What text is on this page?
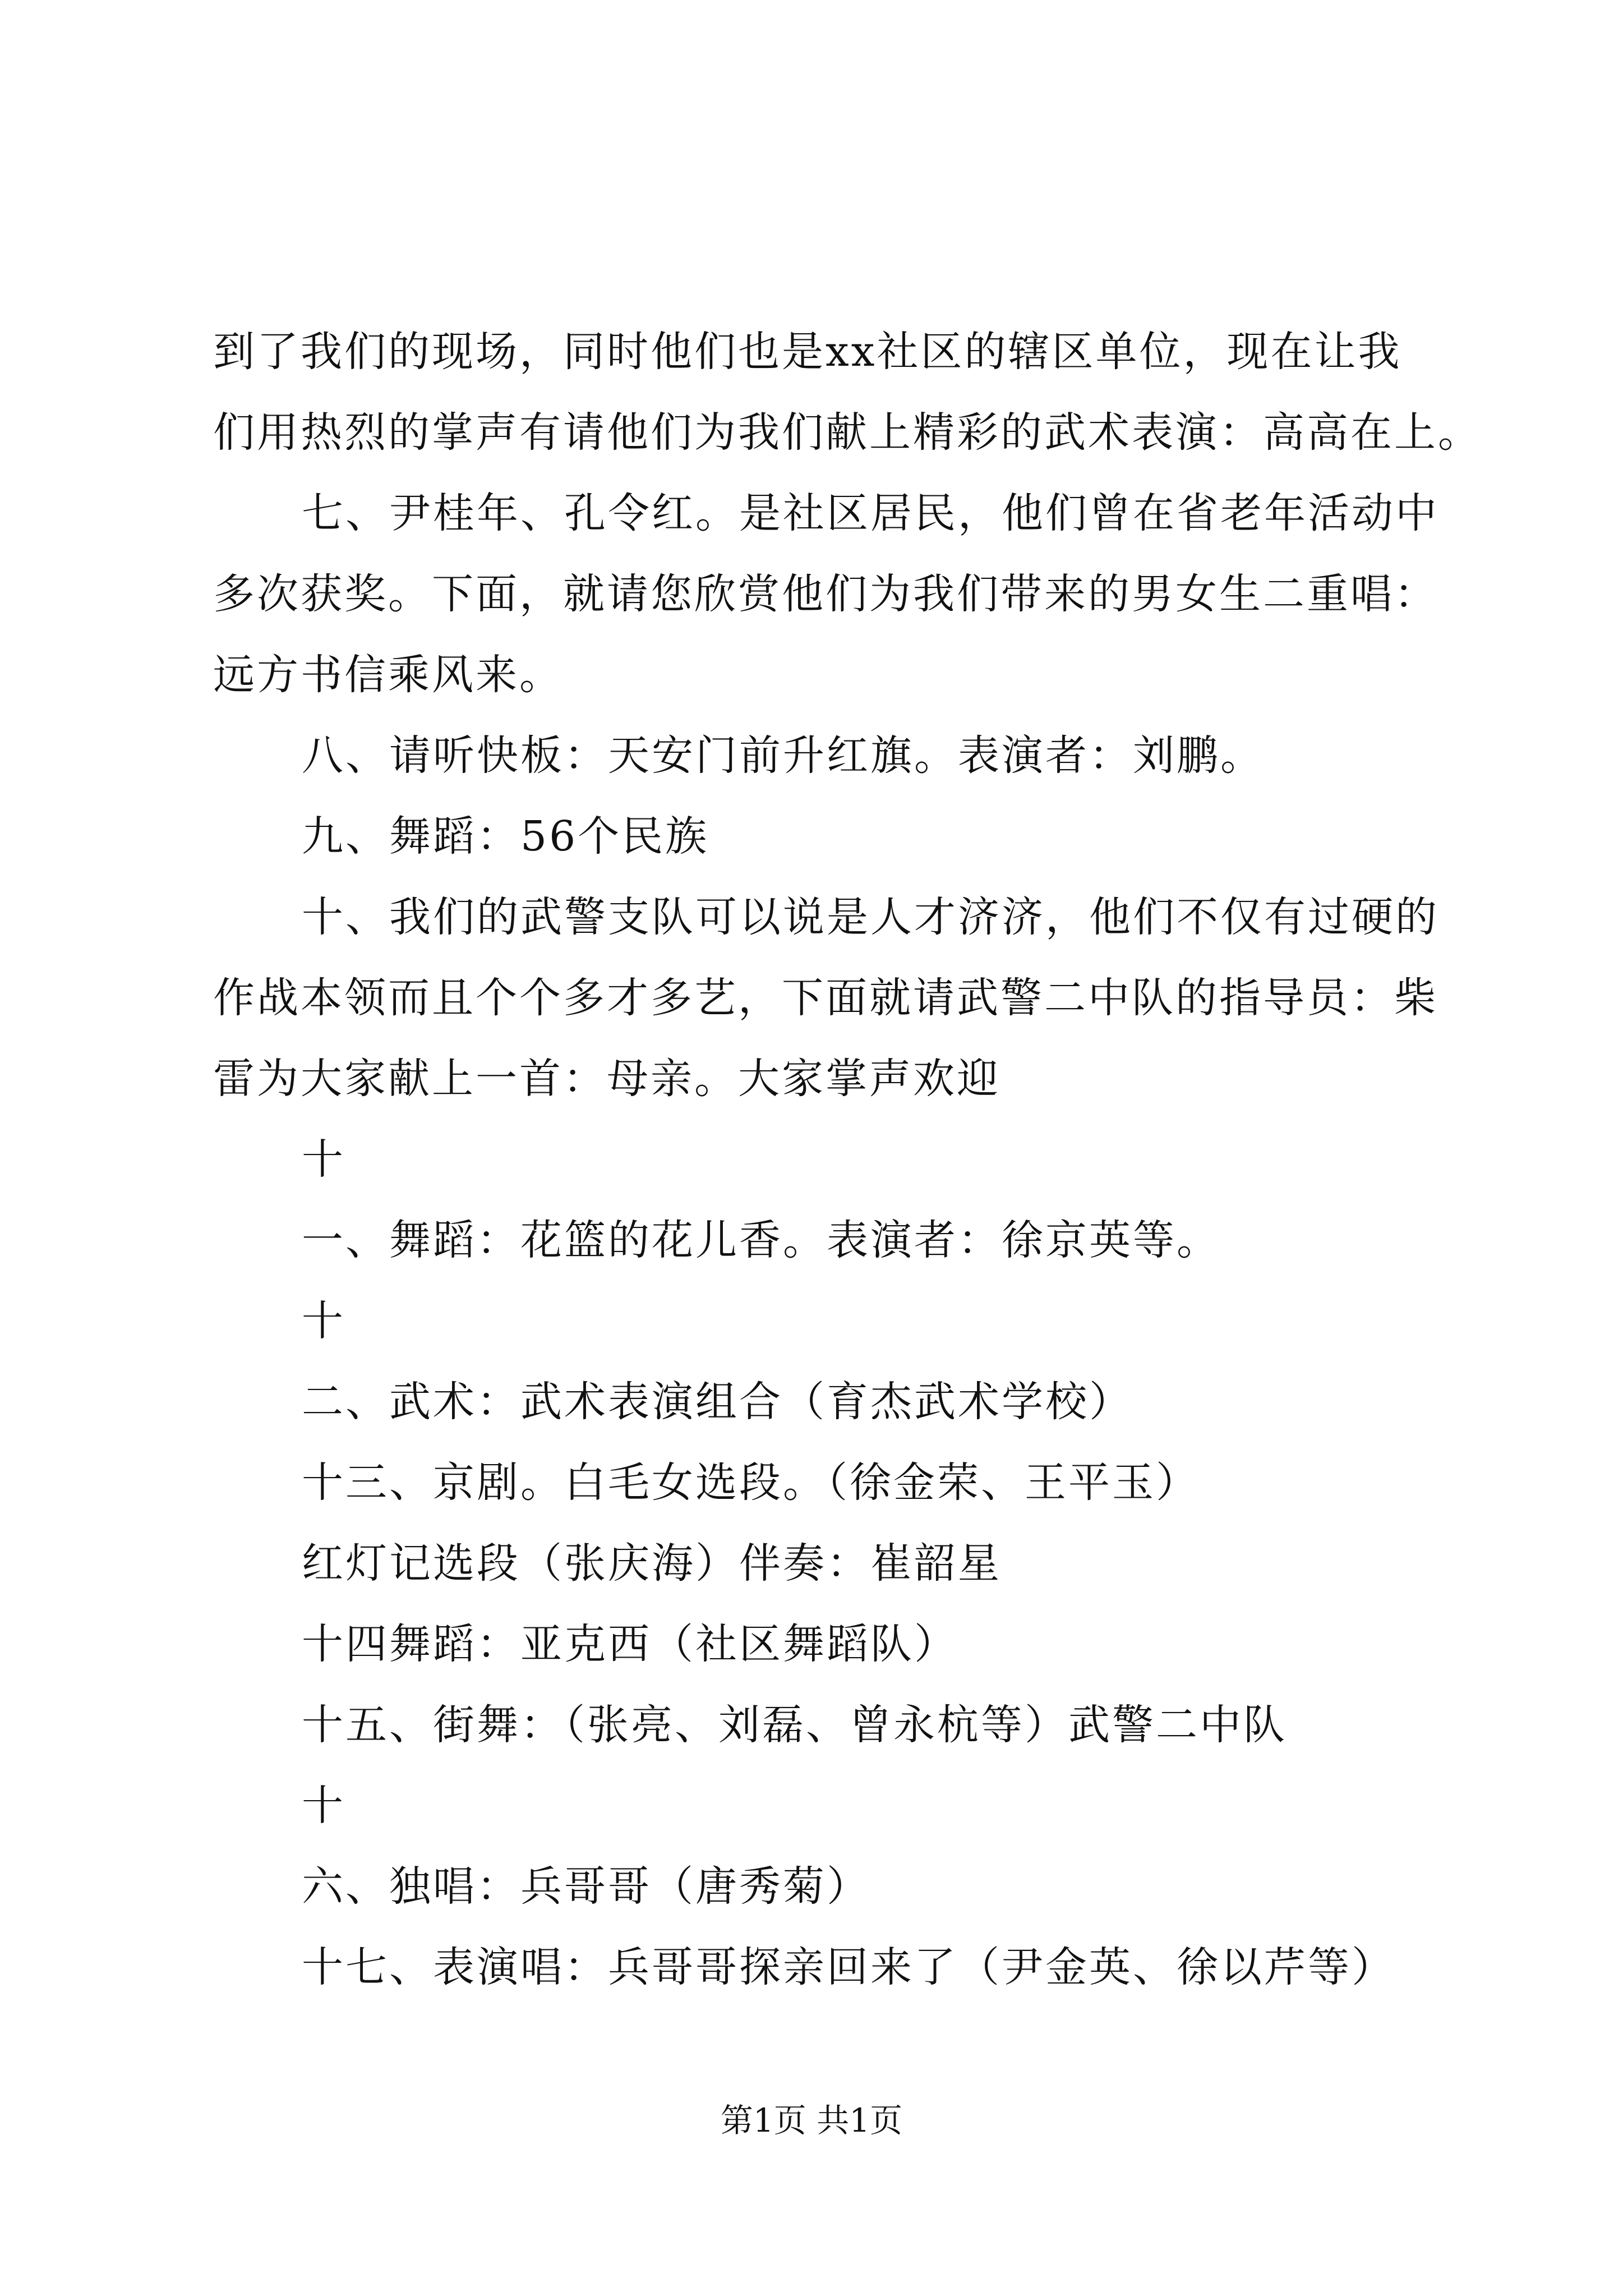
到了我们的现场，同时他们也是xx社区的辖区单位，现在让我
们用热烈的掌声有请他们为我们献上精彩的武术表演：高高在上。
七、尹桂年、孔令红。是社区居民，他们曾在省老年活动中
多次获奖。下面，就请您欣赏他们为我们带来的男女生二重唱：
远方书信乘风来。
八、请听快板：天安门前升红旗。表演者：刘鹏。
九、舞蹈：56个民族
十、我们的武警支队可以说是人才济济，他们不仅有过硬的
作战本领而且个个多才多艺，下面就请武警二中队的指导员：柴
雷为大家献上一首：母亲。大家掌声欢迎
十
一、舞蹈：花篮的花儿香。表演者：徐京英等。
十
二、武术：武术表演组合（育杰武术学校）
十三、京剧。白毛女选段。（徐金荣、王平玉）
红灯记选段（张庆海）伴奏：崔韶星
十四舞蹈：亚克西（社区舞蹈队）
十五、街舞：（张亮、刘磊、曾永杭等）武警二中队
十
六、独唱：兵哥哥（唐秀菊）
十七、表演唱：兵哥哥探亲回来了（尹金英、徐以芹等）
第1页 共1页
